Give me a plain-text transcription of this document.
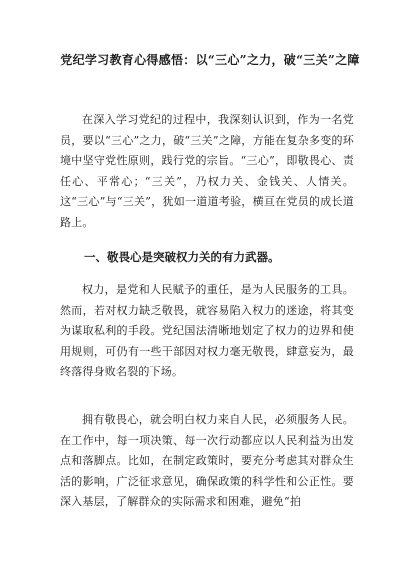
党纪学习教育心得感悟：以“三心”之力，破“三关”之障

在深入学习党纪的过程中，我深刻认识到，作为一名党员，要以“三心”之力，破“三关”之障，方能在复杂多变的环境中坚守党性原则，践行党的宗旨。“三心”，即敬畏心、责任心、平常心；“三关”，乃权力关、金钱关、人情关。这“三心”与“三关”，犹如一道道考验，横亘在党员的成长道路上。

一、敬畏心是突破权力关的有力武器。

权力，是党和人民赋予的重任，是为人民服务的工具。然而，若对权力缺乏敬畏，就容易陷入权力的迷途，将其变为谋取私利的手段。党纪国法清晰地划定了权力的边界和使用规则，可仍有一些干部因对权力毫无敬畏，肆意妄为，最终落得身败名裂的下场。

拥有敬畏心，就会明白权力来自人民，必须服务人民。在工作中，每一项决策、每一次行动都应以人民利益为出发点和落脚点。比如，在制定政策时，要充分考虑其对群众生活的影响，广泛征求意见，确保政策的科学性和公正性。要深入基层，了解群众的实际需求和困难，避免“拍
